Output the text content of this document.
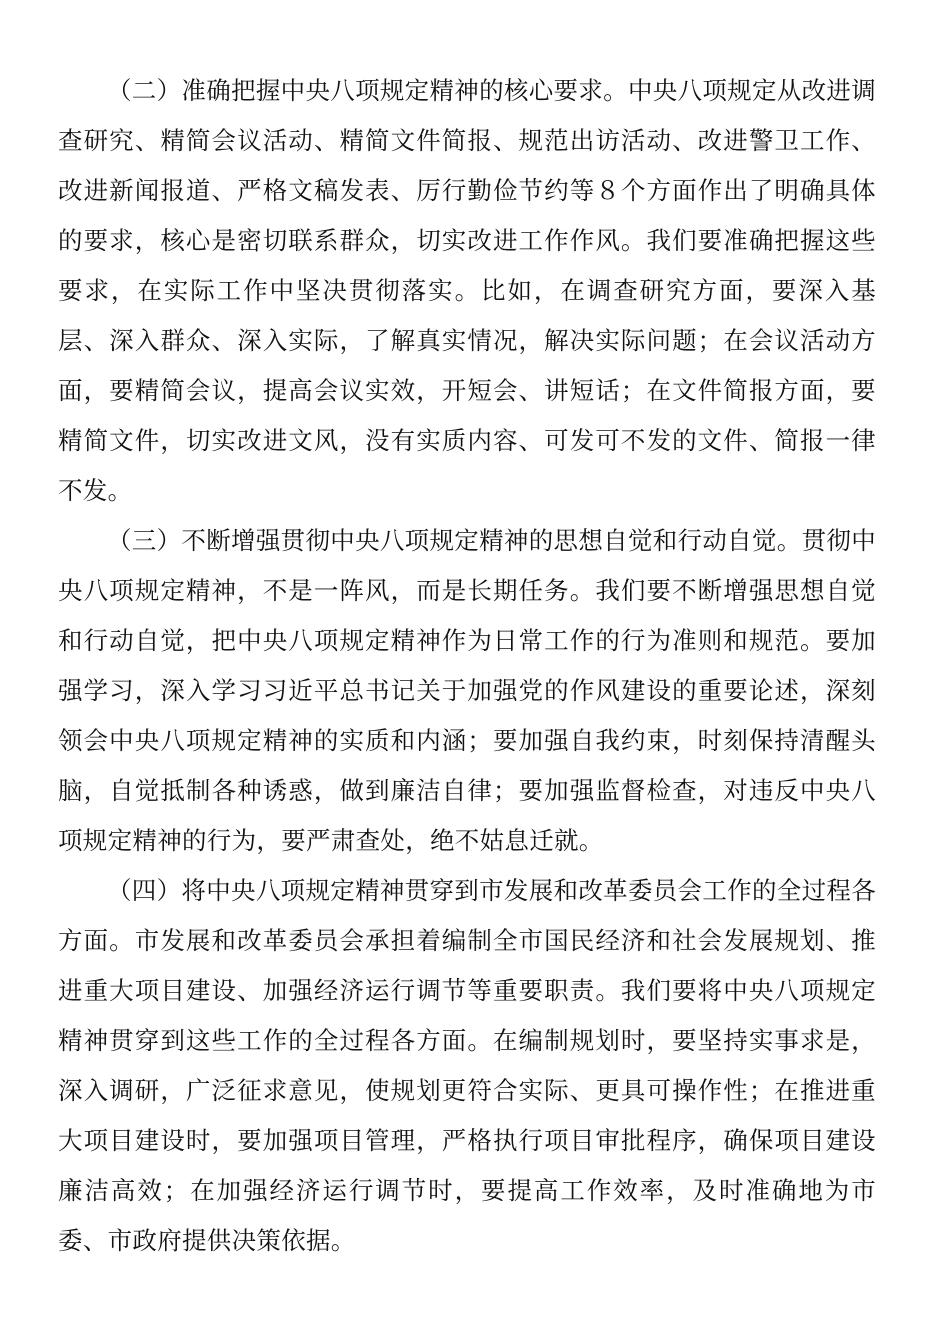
（二）准确把握中央八项规定精神的核心要求。中央八项规定从改进调查研究、精简会议活动、精简文件简报、规范出访活动、改进警卫工作、改进新闻报道、严格文稿发表、厉行勤俭节约等８个方面作出了明确具体的要求，核心是密切联系群众，切实改进工作作风。我们要准确把握这些要求，在实际工作中坚决贯彻落实。比如，在调查研究方面，要深入基层、深入群众、深入实际，了解真实情况，解决实际问题；在会议活动方面，要精简会议，提高会议实效，开短会、讲短话；在文件简报方面，要精简文件，切实改进文风，没有实质内容、可发可不发的文件、简报一律不发。

（三）不断增强贯彻中央八项规定精神的思想自觉和行动自觉。贯彻中央八项规定精神，不是一阵风，而是长期任务。我们要不断增强思想自觉和行动自觉，把中央八项规定精神作为日常工作的行为准则和规范。要加强学习，深入学习习近平总书记关于加强党的作风建设的重要论述，深刻领会中央八项规定精神的实质和内涵；要加强自我约束，时刻保持清醒头脑，自觉抵制各种诱惑，做到廉洁自律；要加强监督检查，对违反中央八项规定精神的行为，要严肃查处，绝不姑息迁就。

（四）将中央八项规定精神贯穿到市发展和改革委员会工作的全过程各方面。市发展和改革委员会承担着编制全市国民经济和社会发展规划、推进重大项目建设、加强经济运行调节等重要职责。我们要将中央八项规定精神贯穿到这些工作的全过程各方面。在编制规划时，要坚持实事求是，深入调研，广泛征求意见，使规划更符合实际、更具可操作性；在推进重大项目建设时，要加强项目管理，严格执行项目审批程序，确保项目建设廉洁高效；在加强经济运行调节时，要提高工作效率，及时准确地为市委、市政府提供决策依据。
